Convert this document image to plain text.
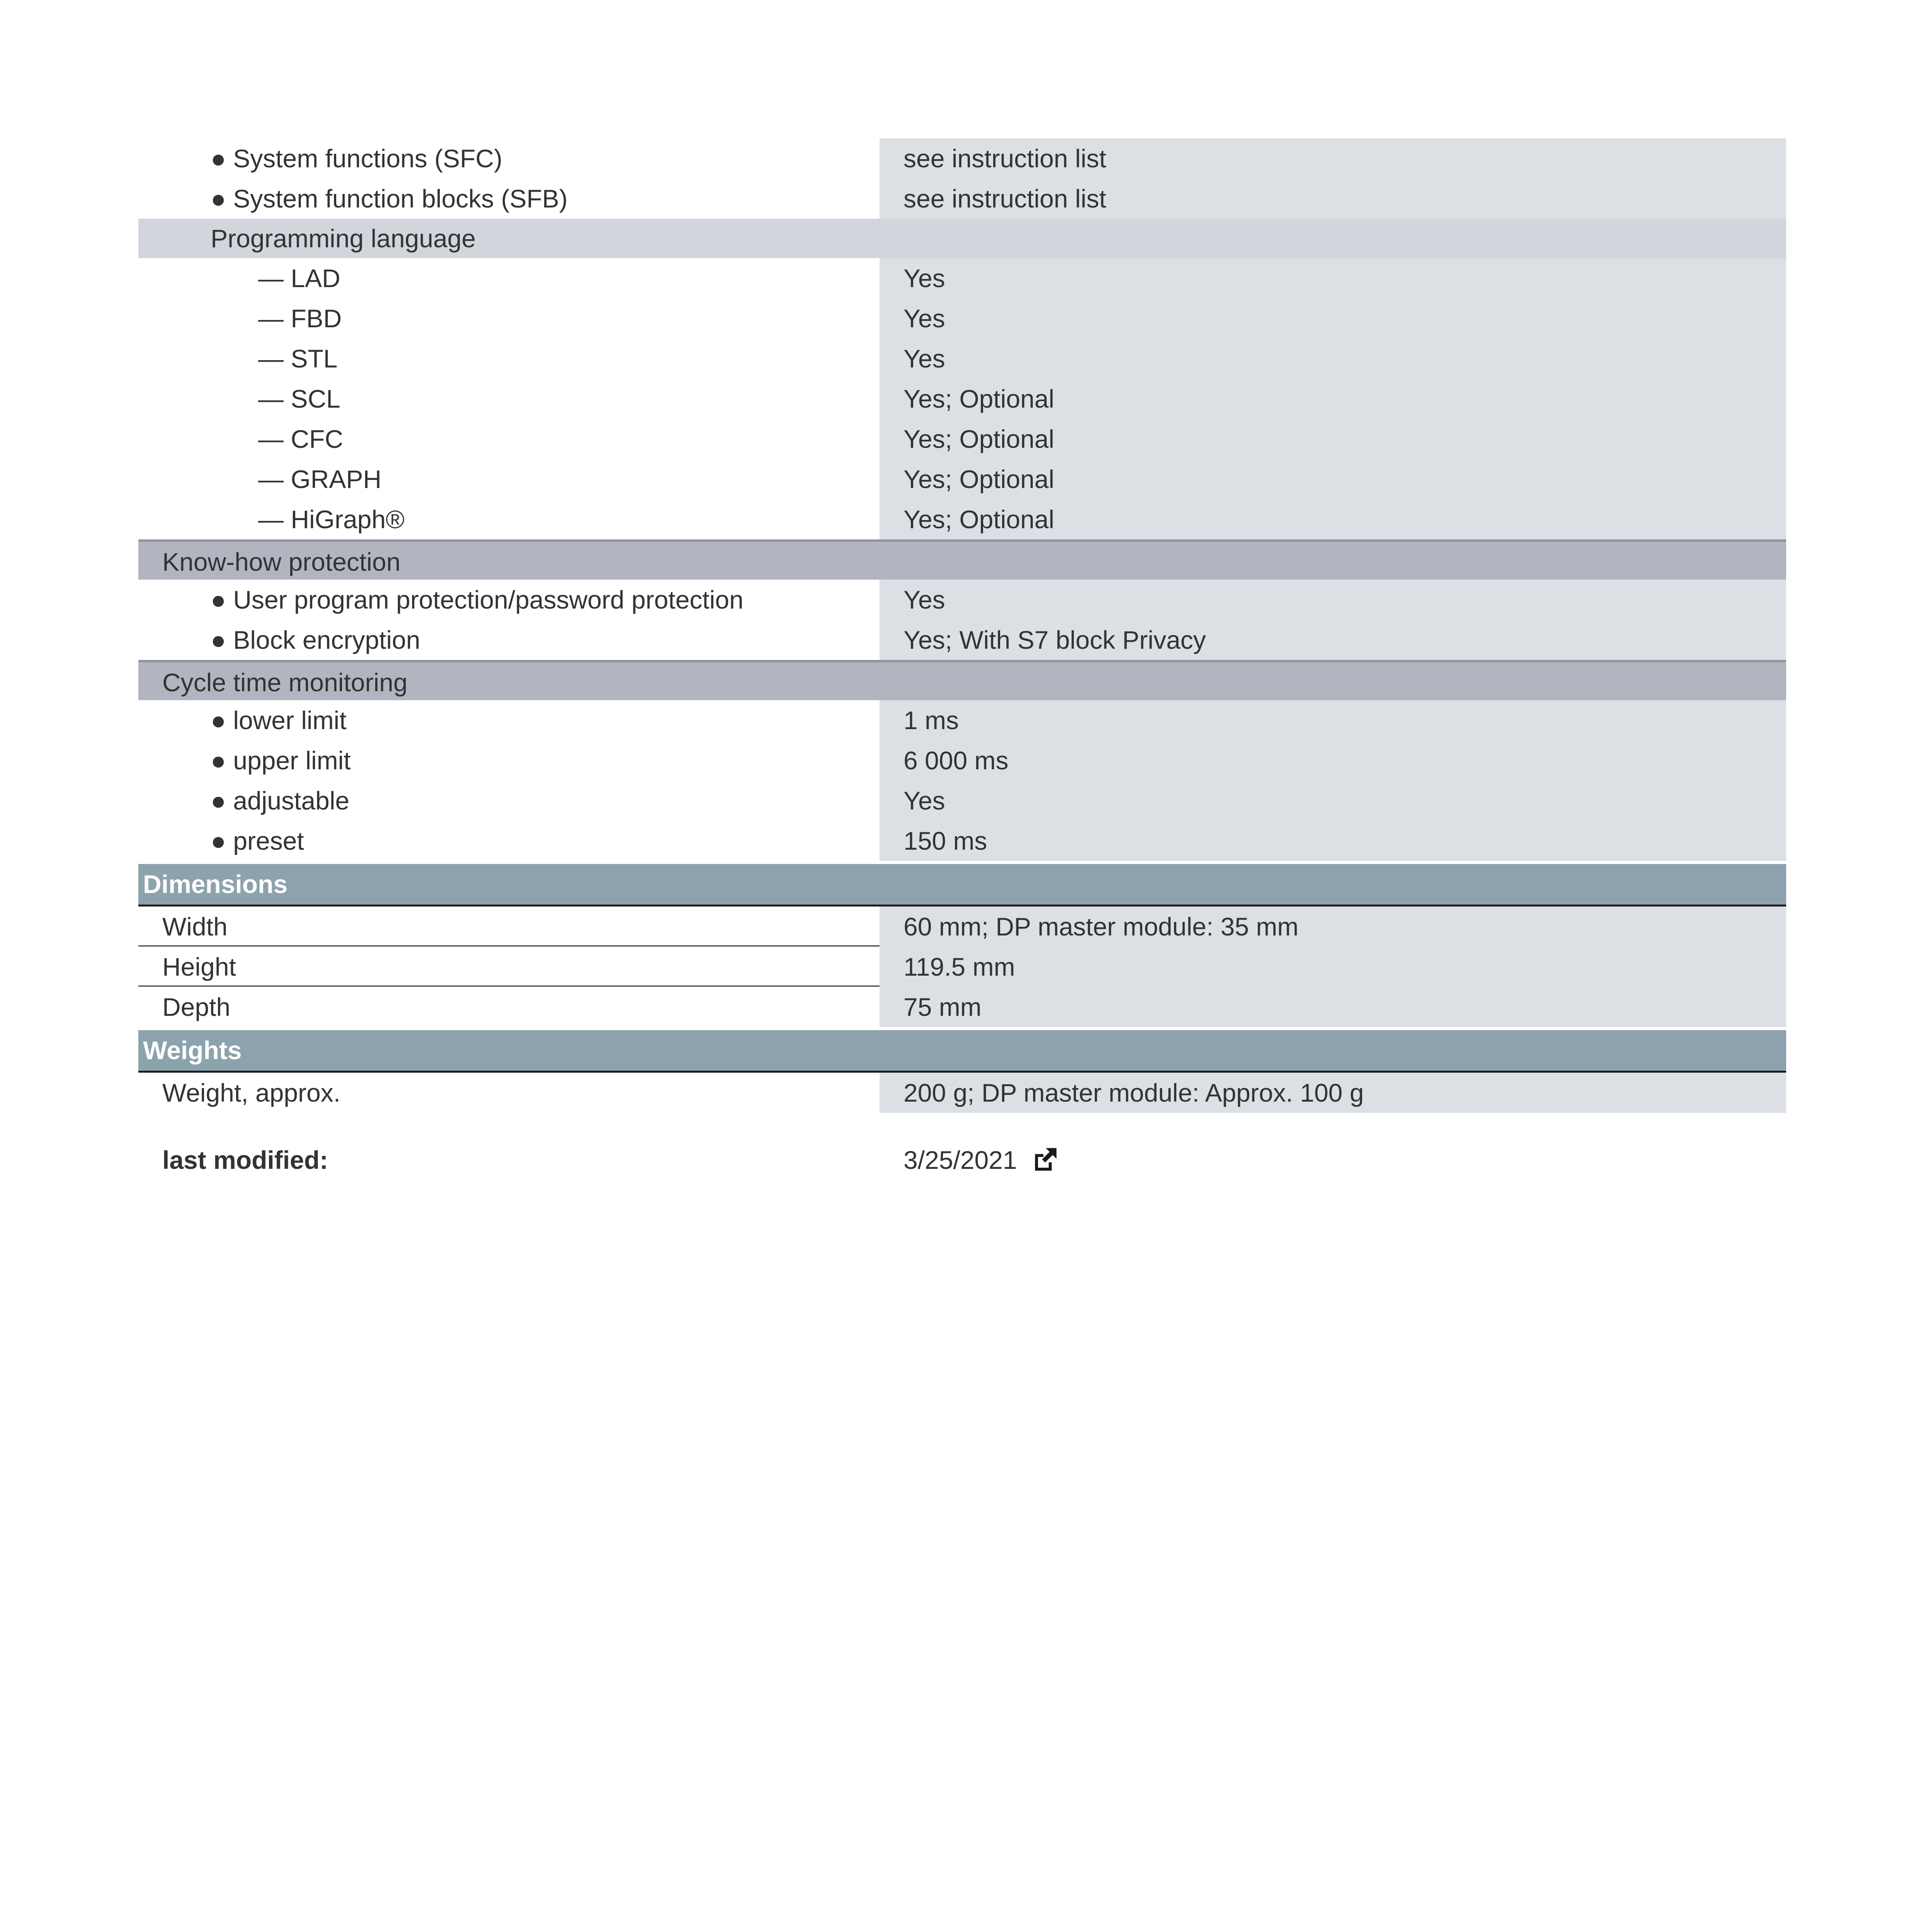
● System functions (SFC)	see instruction list
● System function blocks (SFB)	see instruction list
Programming language
— LAD	Yes
— FBD	Yes
— STL	Yes
— SCL	Yes; Optional
— CFC	Yes; Optional
— GRAPH	Yes; Optional
— HiGraph®	Yes; Optional
Know-how protection
● User program protection/password protection	Yes
● Block encryption	Yes; With S7 block Privacy
Cycle time monitoring
● lower limit	1 ms
● upper limit	6 000 ms
● adjustable	Yes
● preset	150 ms
Dimensions
Width	60 mm; DP master module: 35 mm
Height	119.5 mm
Depth	75 mm
Weights
Weight, approx.	200 g; DP master module: Approx. 100 g
last modified:	3/25/2021
